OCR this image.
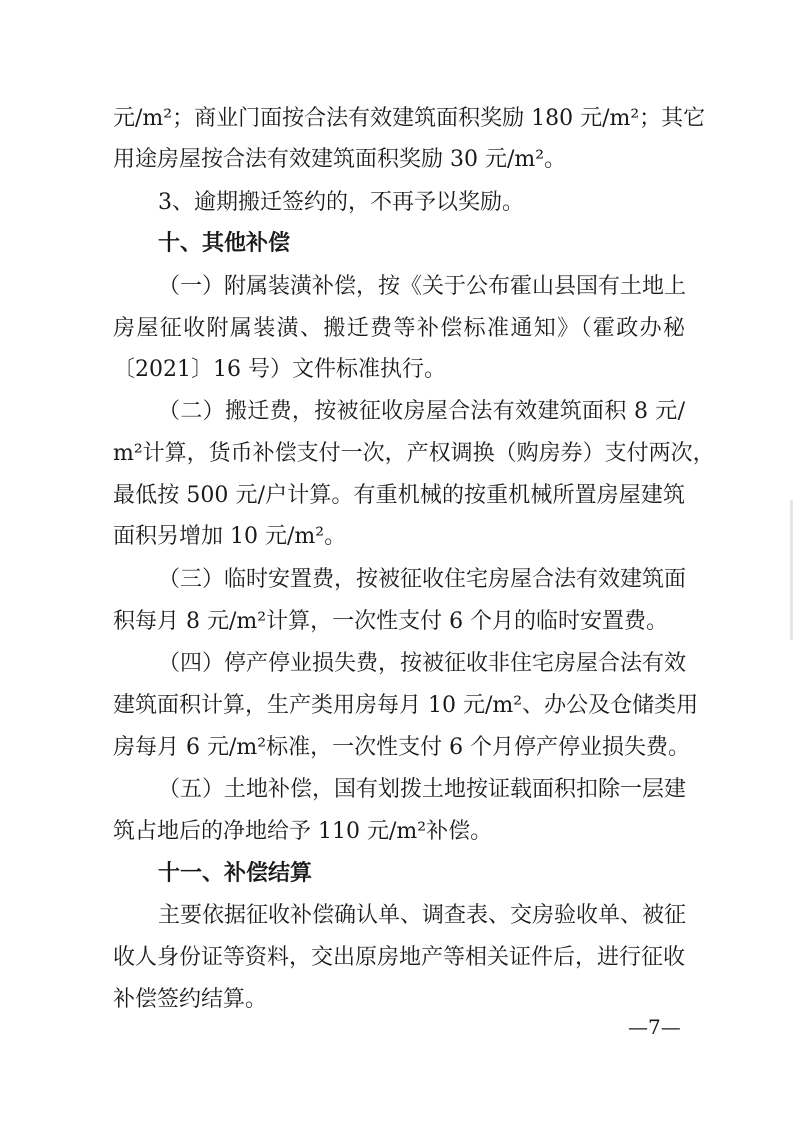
元/m²；商业门面按合法有效建筑面积奖励 180 元/m²；其它
用途房屋按合法有效建筑面积奖励 30 元/m²。
3、逾期搬迁签约的，不再予以奖励。
十、其他补偿
（一）附属装潢补偿，按《关于公布霍山县国有土地上
房屋征收附属装潢、搬迁费等补偿标准通知》（霍政办秘
〔2021〕16 号）文件标准执行。
（二）搬迁费，按被征收房屋合法有效建筑面积 8 元/
m²计算，货币补偿支付一次，产权调换（购房券）支付两次，
最低按 500 元/户计算。有重机械的按重机械所置房屋建筑
面积另增加 10 元/m²。
（三）临时安置费，按被征收住宅房屋合法有效建筑面
积每月 8 元/m²计算，一次性支付 6 个月的临时安置费。
（四）停产停业损失费，按被征收非住宅房屋合法有效
建筑面积计算，生产类用房每月 10 元/m²、办公及仓储类用
房每月 6 元/m²标准，一次性支付 6 个月停产停业损失费。
（五）土地补偿，国有划拨土地按证载面积扣除一层建
筑占地后的净地给予 110 元/m²补偿。
十一、补偿结算
主要依据征收补偿确认单、调查表、交房验收单、被征
收人身份证等资料，交出原房地产等相关证件后，进行征收
补偿签约结算。
—7—
